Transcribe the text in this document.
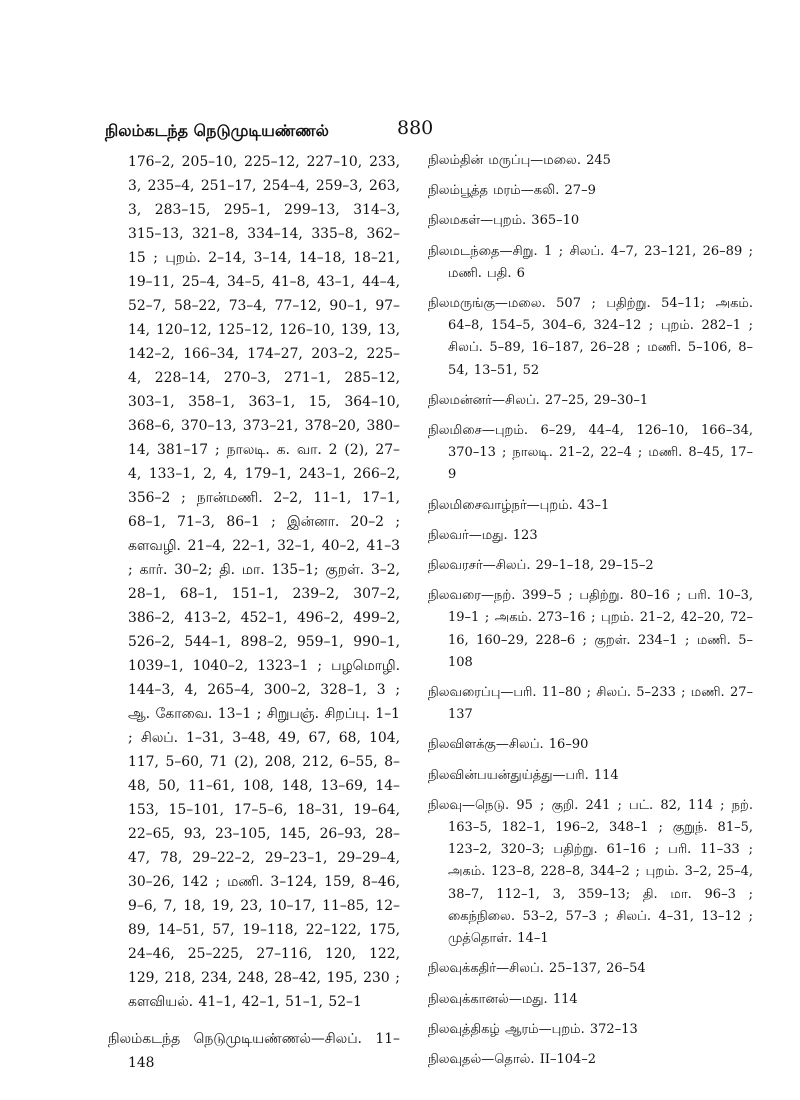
நிலம்கடந்த நெடுமுடியண்ணல்	880

176–2, 205–10, 225–12, 227–10, 233, 3, 235–4, 251–17, 254–4, 259–3, 263, 3, 283–15, 295–1, 299–13, 314–3, 315–13, 321–8, 334–14, 335–8, 362–15 ; புறம். 2–14, 3–14, 14–18, 18–21, 19–11, 25–4, 34–5, 41–8, 43–1, 44–4, 52–7, 58–22, 73–4, 77–12, 90–1, 97–14, 120–12, 125–12, 126–10, 139, 13, 142–2, 166–34, 174–27, 203–2, 225–4, 228–14, 270–3, 271–1, 285–12, 303–1, 358–1, 363–1, 15, 364–10, 368–6, 370–13, 373–21, 378–20, 380–14, 381–17 ; நாலடி. க. வா. 2 (2), 27–4, 133–1, 2, 4, 179–1, 243–1, 266–2, 356–2 ; நான்மணி. 2–2, 11–1, 17–1, 68–1, 71–3, 86–1 ; இன்னா. 20–2 ; களவழி. 21–4, 22–1, 32–1, 40–2, 41–3 ; கார். 30–2; தி. மா. 135–1; குறள். 3–2, 28–1, 68–1, 151–1, 239–2, 307–2, 386–2, 413–2, 452–1, 496–2, 499–2, 526–2, 544–1, 898–2, 959–1, 990–1, 1039–1, 1040–2, 1323–1 ; பழமொழி. 144–3, 4, 265–4, 300–2, 328–1, 3 ; ஆ. கோவை. 13–1 ; சிறுபஞ். சிறப்பு. 1–1 ; சிலப். 1–31, 3–48, 49, 67, 68, 104, 117, 5–60, 71 (2), 208, 212, 6–55, 8–48, 50, 11–61, 108, 148, 13–69, 14–153, 15–101, 17–5–6, 18–31, 19–64, 22–65, 93, 23–105, 145, 26–93, 28–47, 78, 29–22–2, 29–23–1, 29–29–4, 30–26, 142 ; மணி. 3–124, 159, 8–46, 9–6, 7, 18, 19, 23, 10–17, 11–85, 12–89, 14–51, 57, 19–118, 22–122, 175, 24–46, 25–225, 27–116, 120, 122, 129, 218, 234, 248, 28–42, 195, 230 ; களவியல். 41–1, 42–1, 51–1, 52–1

நிலம்கடந்த நெடுமுடியண்ணல்—சிலப். 11–148

நிலம்தின் மருப்பு—மலை. 245

நிலம்பூத்த மரம்—கலி. 27–9

நிலமகள்—புறம். 365–10

நிலமடந்தை—சிறு. 1 ; சிலப். 4–7, 23–121, 26–89 ; மணி. பதி. 6

நிலமருங்கு—மலை. 507 ; பதிற்று. 54–11; அகம். 64–8, 154–5, 304–6, 324–12 ; புறம். 282–1 ; சிலப். 5–89, 16–187, 26–28 ; மணி. 5–106, 8–54, 13–51, 52

நிலமன்னர்—சிலப். 27–25, 29–30–1

நிலமிசை—புறம். 6–29, 44–4, 126–10, 166–34, 370–13 ; நாலடி. 21–2, 22–4 ; மணி. 8–45, 17–9

நிலமிசைவாழ்நர்—புறம். 43–1

நிலவர்—மது. 123

நிலவரசர்—சிலப். 29–1–18, 29–15–2

நிலவரை—நற். 399–5 ; பதிற்று. 80–16 ; பரி. 10–3, 19–1 ; அகம். 273–16 ; புறம். 21–2, 42–20, 72–16, 160–29, 228–6 ; குறள். 234–1 ; மணி. 5–108

நிலவரைப்பு—பரி. 11–80 ; சிலப். 5–233 ; மணி. 27–137

நிலவிளக்கு—சிலப். 16–90

நிலவின்பயன்துய்த்து—பரி. 114

நிலவு—நெடு. 95 ; குறி. 241 ; பட். 82, 114 ; நற். 163–5, 182–1, 196–2, 348–1 ; குறுந். 81–5, 123–2, 320–3; பதிற்று. 61–16 ; பரி. 11–33 ; அகம். 123–8, 228–8, 344–2 ; புறம். 3–2, 25–4, 38–7, 112–1, 3, 359–13; தி. மா. 96–3 ; கைந்நிலை. 53–2, 57–3 ; சிலப். 4–31, 13–12 ; முத்தொள். 14–1

நிலவுக்கதிர்—சிலப். 25–137, 26–54

நிலவுக்கானல்—மது. 114

நிலவுத்திகழ் ஆரம்—புறம். 372–13

நிலவுதல்—தொல். II–104–2
